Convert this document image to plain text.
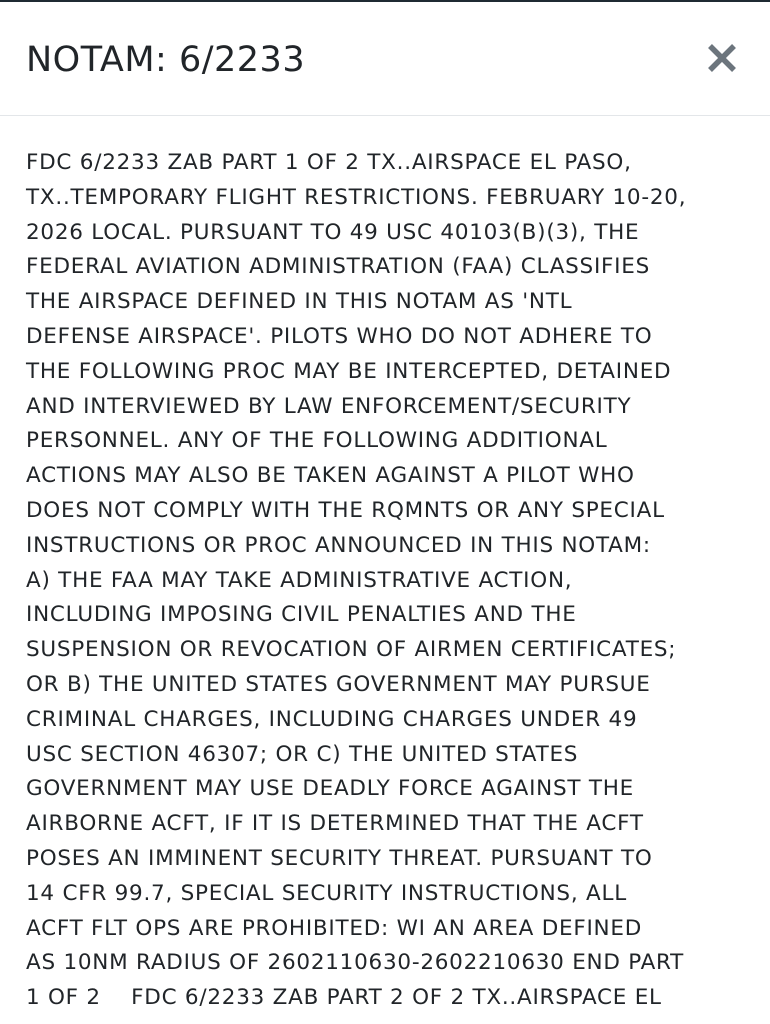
NOTAM: 6/2233

FDC 6/2233 ZAB PART 1 OF 2 TX..AIRSPACE EL PASO,
TX..TEMPORARY FLIGHT RESTRICTIONS. FEBRUARY 10-20,
2026 LOCAL. PURSUANT TO 49 USC 40103(B)(3), THE
FEDERAL AVIATION ADMINISTRATION (FAA) CLASSIFIES
THE AIRSPACE DEFINED IN THIS NOTAM AS 'NTL
DEFENSE AIRSPACE'. PILOTS WHO DO NOT ADHERE TO
THE FOLLOWING PROC MAY BE INTERCEPTED, DETAINED
AND INTERVIEWED BY LAW ENFORCEMENT/SECURITY
PERSONNEL. ANY OF THE FOLLOWING ADDITIONAL
ACTIONS MAY ALSO BE TAKEN AGAINST A PILOT WHO
DOES NOT COMPLY WITH THE RQMNTS OR ANY SPECIAL
INSTRUCTIONS OR PROC ANNOUNCED IN THIS NOTAM:
A) THE FAA MAY TAKE ADMINISTRATIVE ACTION,
INCLUDING IMPOSING CIVIL PENALTIES AND THE
SUSPENSION OR REVOCATION OF AIRMEN CERTIFICATES;
OR B) THE UNITED STATES GOVERNMENT MAY PURSUE
CRIMINAL CHARGES, INCLUDING CHARGES UNDER 49
USC SECTION 46307; OR C) THE UNITED STATES
GOVERNMENT MAY USE DEADLY FORCE AGAINST THE
AIRBORNE ACFT, IF IT IS DETERMINED THAT THE ACFT
POSES AN IMMINENT SECURITY THREAT. PURSUANT TO
14 CFR 99.7, SPECIAL SECURITY INSTRUCTIONS, ALL
ACFT FLT OPS ARE PROHIBITED: WI AN AREA DEFINED
AS 10NM RADIUS OF 2602110630-2602210630 END PART
1 OF 2    FDC 6/2233 ZAB PART 2 OF 2 TX..AIRSPACE EL
